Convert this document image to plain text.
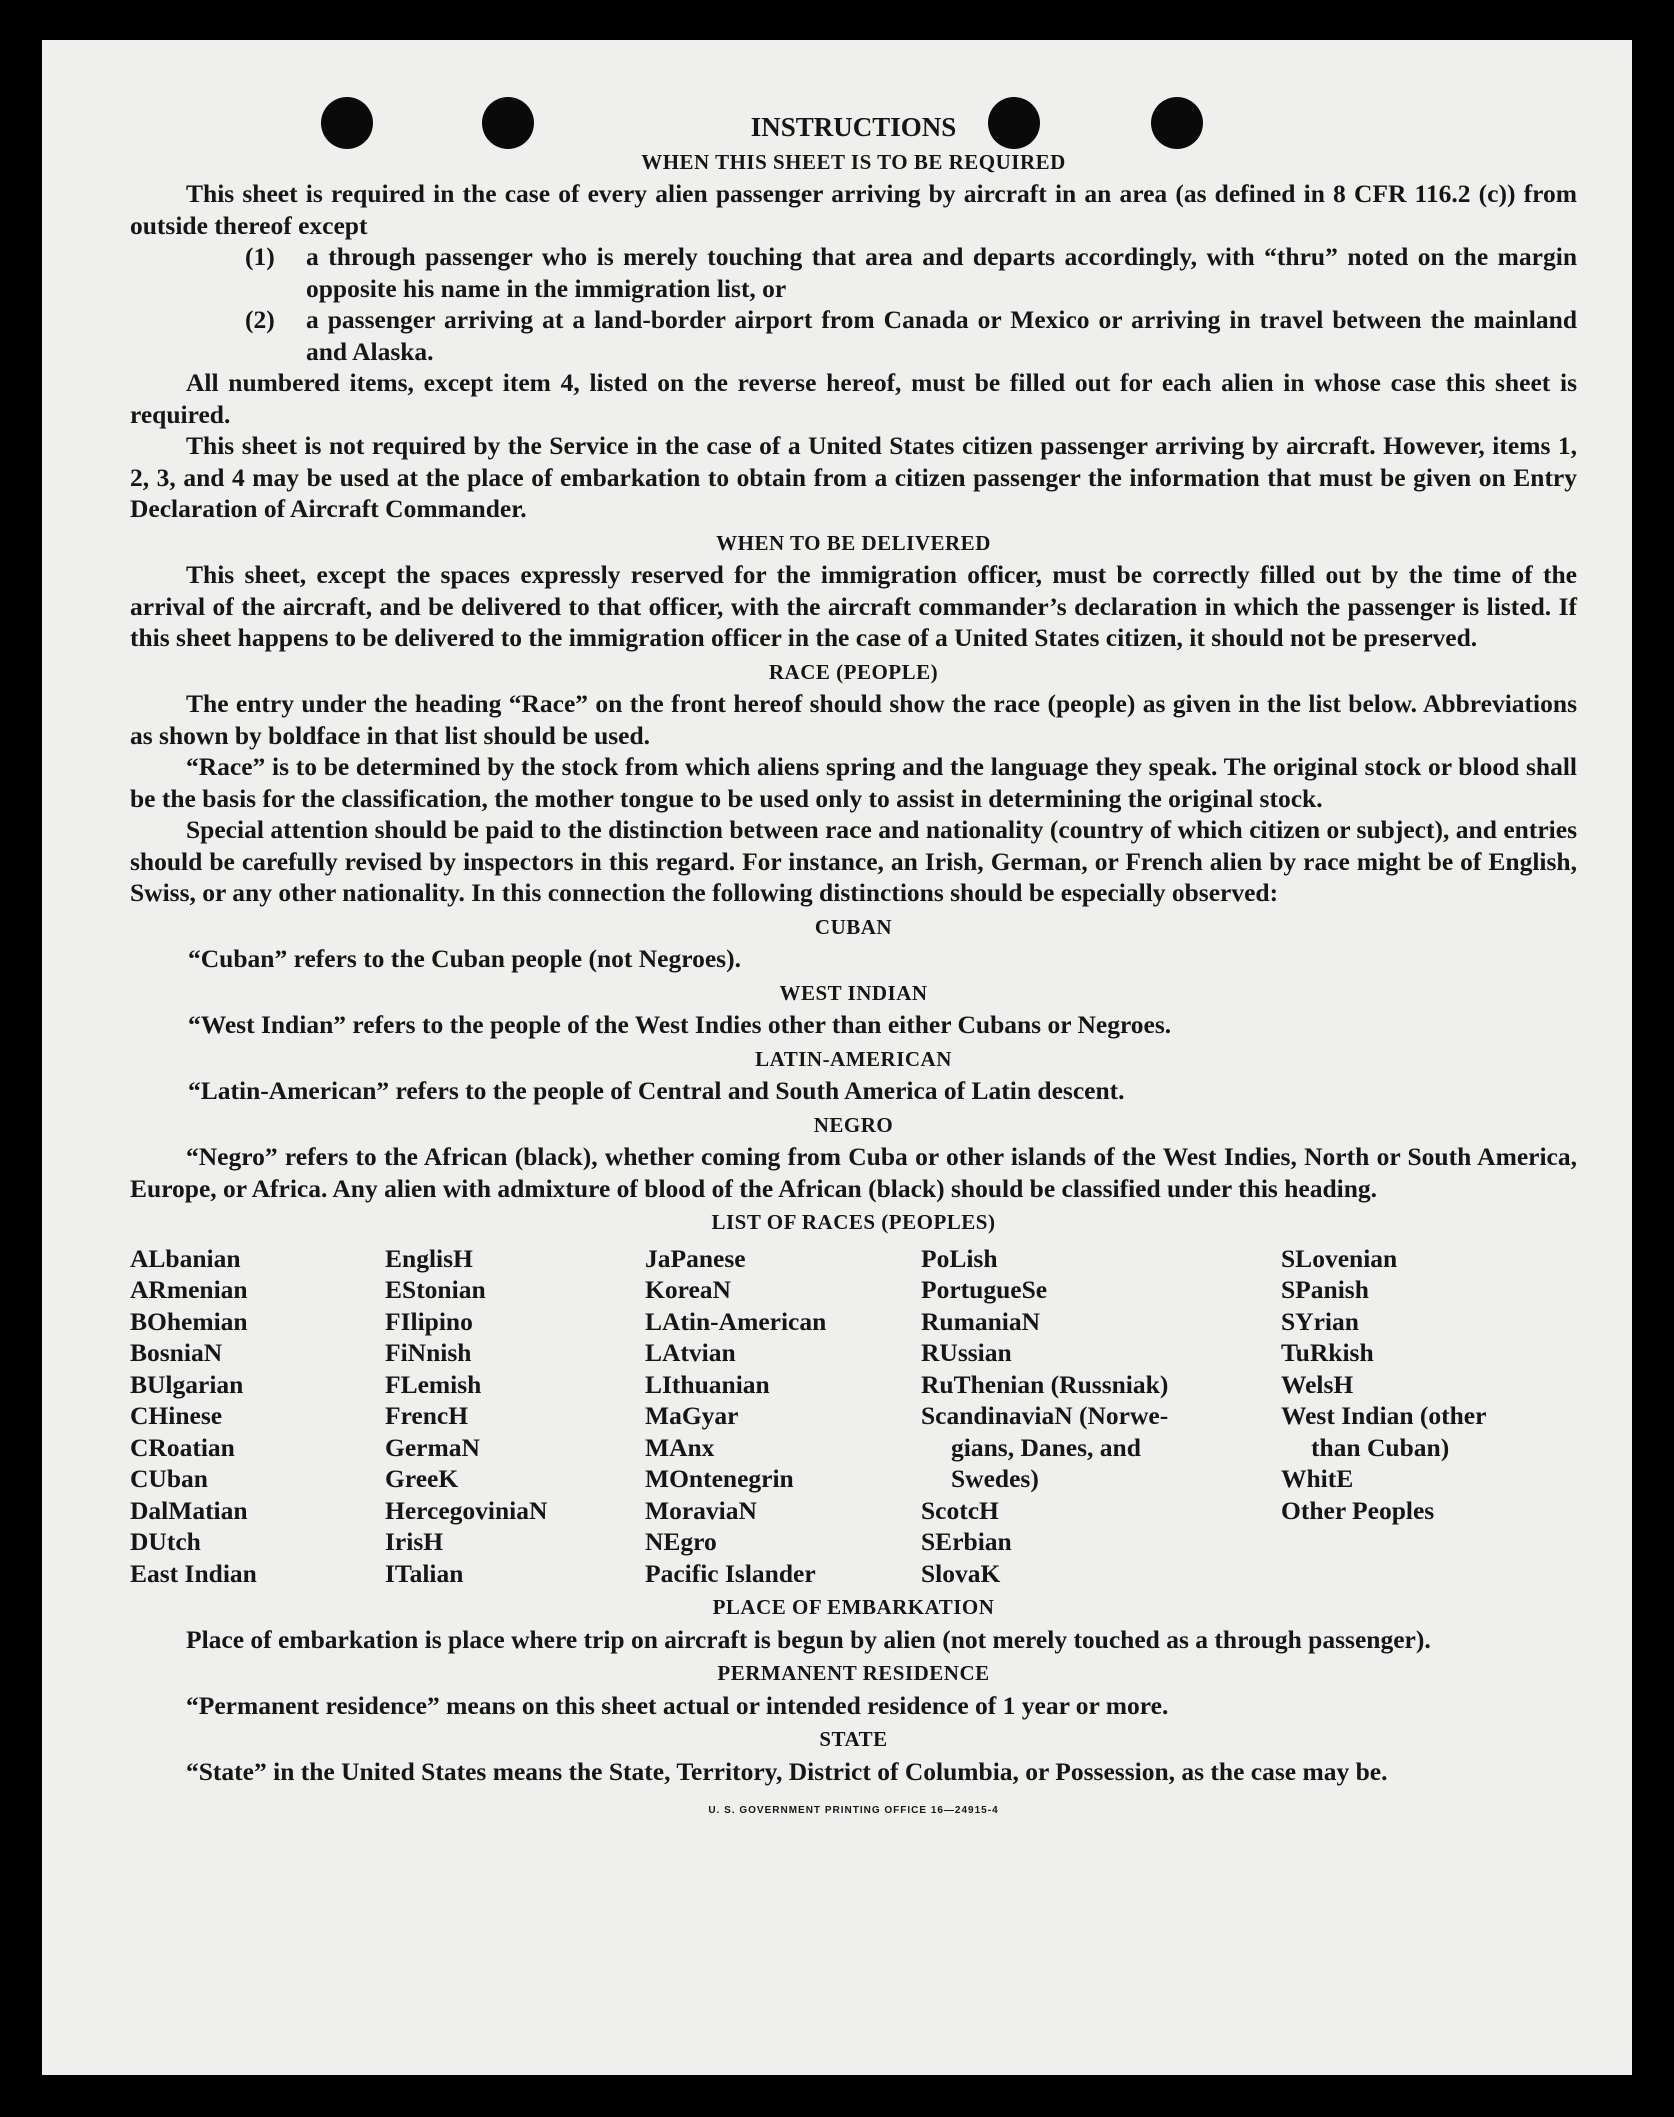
INSTRUCTIONS
WHEN THIS SHEET IS TO BE REQUIRED

This sheet is required in the case of every alien passenger arriving by aircraft in an area (as defined in 8 CFR 116.2 (c)) from outside thereof except

(1)	a through passenger who is merely touching that area and departs accordingly, with “thru” noted on the margin opposite his name in the immigration list, or

(2)	a passenger arriving at a land-border airport from Canada or Mexico or arriving in travel between the mainland and Alaska.

All numbered items, except item 4, listed on the reverse hereof, must be filled out for each alien in whose case this sheet is required.

This sheet is not required by the Service in the case of a United States citizen passenger arriving by aircraft. However, items 1, 2, 3, and 4 may be used at the place of embarkation to obtain from a citizen passenger the information that must be given on Entry Declaration of Aircraft Commander.

WHEN TO BE DELIVERED

This sheet, except the spaces expressly reserved for the immigration officer, must be correctly filled out by the time of the arrival of the aircraft, and be delivered to that officer, with the aircraft commander’s declaration in which the passenger is listed. If this sheet happens to be delivered to the immigration officer in the case of a United States citizen, it should not be preserved.

RACE (PEOPLE)

The entry under the heading “Race” on the front hereof should show the race (people) as given in the list below. Abbreviations as shown by boldface in that list should be used.

“Race” is to be determined by the stock from which aliens spring and the language they speak. The original stock or blood shall be the basis for the classification, the mother tongue to be used only to assist in determining the original stock.

Special attention should be paid to the distinction between race and nationality (country of which citizen or subject), and entries should be carefully revised by inspectors in this regard. For instance, an Irish, German, or French alien by race might be of English, Swiss, or any other nationality. In this connection the following distinctions should be especially observed:

CUBAN

“Cuban” refers to the Cuban people (not Negroes).

WEST INDIAN

“West Indian” refers to the people of the West Indies other than either Cubans or Negroes.

LATIN-AMERICAN

“Latin-American” refers to the people of Central and South America of Latin descent.

NEGRO

“Negro” refers to the African (black), whether coming from Cuba or other islands of the West Indies, North or South America, Europe, or Africa. Any alien with admixture of blood of the African (black) should be classified under this heading.

LIST OF RACES (PEOPLES)
ALbanian
ARmenian
BOhemian
BosniaN
BUlgarian
CHinese
CRoatian
CUban
DalMatian
DUtch
East Indian
EnglisH
EStonian
FIlipino
FiNnish
FLemish
FrencH
GermaN
GreeK
HercegoviniaN
IrisH
ITalian
JaPanese
KoreaN
LAtin-American
LAtvian
LIthuanian
MaGyar
MAnx
MOntenegrin
MoraviaN
NEgro
Pacific Islander
PoLish
PortugueSe
RumaniaN
RUssian
RuThenian (Russniak)
ScandinaviaN (Norwe-
gians, Danes, and
Swedes)
ScotcH
SErbian
SlovaK
SLovenian
SPanish
SYrian
TuRkish
WelsH
West Indian (other
than Cuban)
WhitE
Other Peoples
PLACE OF EMBARKATION

Place of embarkation is place where trip on aircraft is begun by alien (not merely touched as a through passenger).

PERMANENT RESIDENCE

“Permanent residence” means on this sheet actual or intended residence of 1 year or more.

STATE

“State” in the United States means the State, Territory, District of Columbia, or Possession, as the case may be.

U. S. GOVERNMENT PRINTING OFFICE 16—24915-4
